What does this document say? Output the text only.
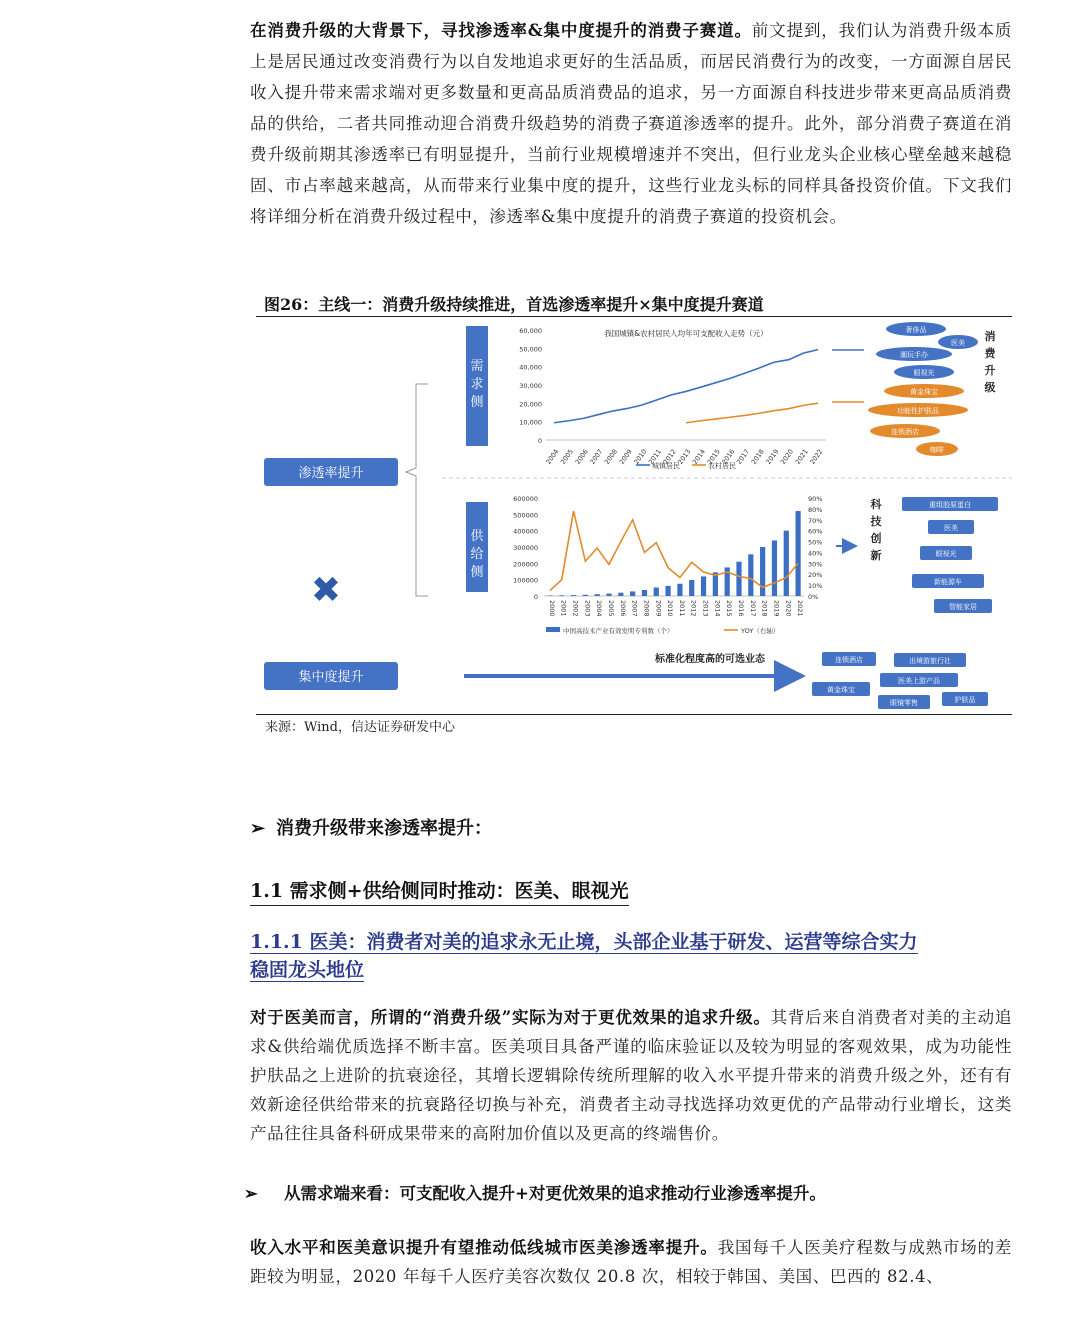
在消费升级的大背景下，寻找渗透率&集中度提升的消费子赛道。前文提到，我们认为消费升级本质上是居民通过改变消费行为以自发地追求更好的生活品质，而居民消费行为的改变，一方面源自居民收入提升带来需求端对更多数量和更高品质消费品的追求，另一方面源自科技进步带来更高品质消费品的供给，二者共同推动迎合消费升级趋势的消费子赛道渗透率的提升。此外，部分消费子赛道在消费升级前期其渗透率已有明显提升，当前行业规模增速并不突出，但行业龙头企业核心壁垒越来越稳固、市占率越来越高，从而带来行业集中度的提升，这些行业龙头标的同样具备投资价值。下文我们将详细分析在消费升级过程中，渗透率&集中度提升的消费子赛道的投资机会。
图26：主线一：消费升级持续推进，首选渗透率提升×集中度提升赛道
渗透率提升
✖
集中度提升
需求侧
供给侧
我国城镇&农村居民人均年可支配收入走势（元）
0
10,000
20,000
30,000
40,000
50,000
60,000
2004
2005
2006
2007
2008
2009
2010
2011
2012
2013
2014
2015
2016
2017
2018
2019
2020
2021
2022
城镇居民	农村居民
0
100000
200000
300000
400000
500000
600000
0%
10%
20%
30%
40%
50%
60%
70%
80%
90%
2000 2001 2002 2003 2004 2005 2006 2007 2008 2009 2010 2011 2012 2013 2014 2015 2016 2017 2018 2019 2020 2021
中国高技术产业有效发明专利数（个）	YOY（右轴）
消费升级
科技创新
奢侈品
医美
潮玩手办
眼视光
黄金珠宝
功能性护肤品
连锁酒店
咖啡
重组胶原蛋白
医美
眼视光
新能源车
智能家居
连锁酒店	出境游旅行社
医美上游产品
黄金珠宝
眼镜零售	护肤品
标准化程度高的可选业态
来源：Wind，信达证券研发中心
➢ 消费升级带来渗透率提升：
1.1 需求侧+供给侧同时推动：医美、眼视光
1.1.1 医美：消费者对美的追求永无止境，头部企业基于研发、运营等综合实力
稳固龙头地位
对于医美而言，所谓的“消费升级”实际为对于更优效果的追求升级。其背后来自消费者对美的主动追求&供给端优质选择不断丰富。医美项目具备严谨的临床验证以及较为明显的客观效果，成为功能性护肤品之上进阶的抗衰途径，其增长逻辑除传统所理解的收入水平提升带来的消费升级之外，还有有效新途径供给带来的抗衰路径切换与补充，消费者主动寻找选择功效更优的产品带动行业增长，这类产品往往具备科研成果带来的高附加价值以及更高的终端售价。
➢ 从需求端来看：可支配收入提升+对更优效果的追求推动行业渗透率提升。
收入水平和医美意识提升有望推动低线城市医美渗透率提升。我国每千人医美疗程数与成熟市场的差距较为明显，2020 年每千人医疗美容次数仅 20.8 次，相较于韩国、美国、巴西的 82.4、
